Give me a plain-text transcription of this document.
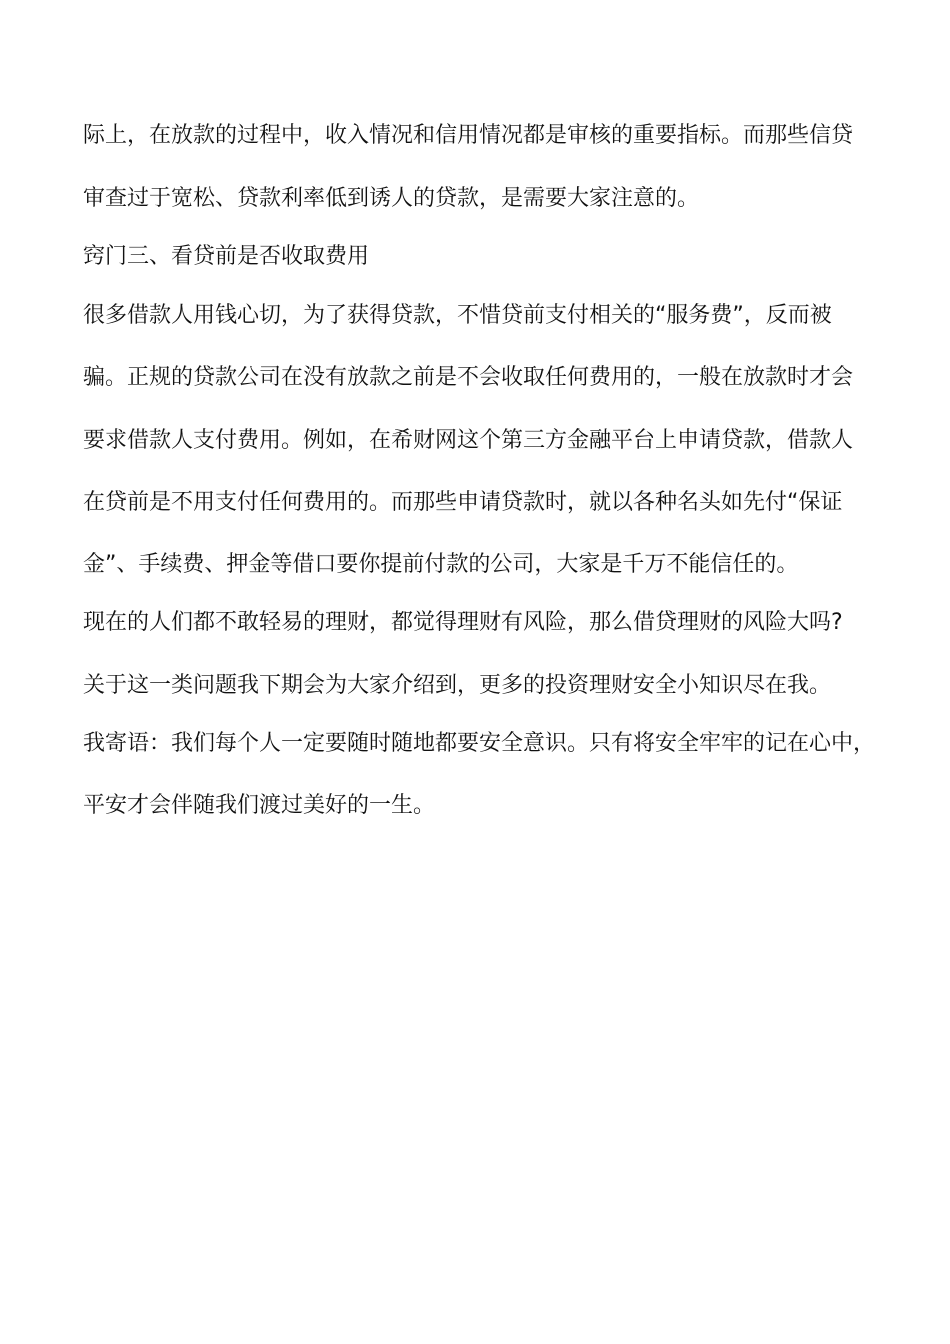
际上，在放款的过程中，收入情况和信用情况都是审核的重要指标。而那些信贷
审查过于宽松、贷款利率低到诱人的贷款，是需要大家注意的。
窍门三、看贷前是否收取费用
很多借款人用钱心切，为了获得贷款，不惜贷前支付相关的“服务费”，反而被
骗。正规的贷款公司在没有放款之前是不会收取任何费用的，一般在放款时才会
要求借款人支付费用。例如，在希财网这个第三方金融平台上申请贷款，借款人
在贷前是不用支付任何费用的。而那些申请贷款时，就以各种名头如先付“保证
金”、手续费、押金等借口要你提前付款的公司，大家是千万不能信任的。
现在的人们都不敢轻易的理财，都觉得理财有风险，那么借贷理财的风险大吗?
关于这一类问题我下期会为大家介绍到，更多的投资理财安全小知识尽在我。
我寄语：我们每个人一定要随时随地都要安全意识。只有将安全牢牢的记在心中，
平安才会伴随我们渡过美好的一生。
